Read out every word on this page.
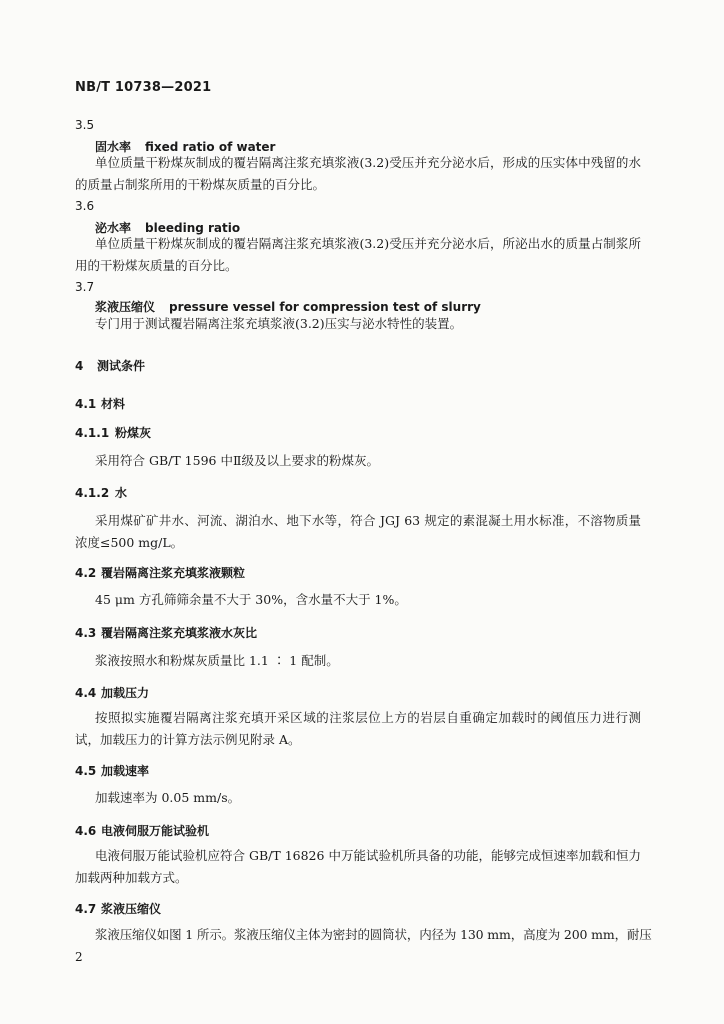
NB/T 10738—2021
3.5
固水率 fixed ratio of water
单位质量干粉煤灰制成的覆岩隔离注浆充填浆液(3.2)受压并充分泌水后，形成的压实体中残留的水的质量占制浆所用的干粉煤灰质量的百分比。
3.6
泌水率 bleeding ratio
单位质量干粉煤灰制成的覆岩隔离注浆充填浆液(3.2)受压并充分泌水后，所泌出水的质量占制浆所用的干粉煤灰质量的百分比。
3.7
浆液压缩仪 pressure vessel for compression test of slurry
专门用于测试覆岩隔离注浆充填浆液(3.2)压实与泌水特性的装置。
4 测试条件
4.1 材料
4.1.1 粉煤灰
采用符合 GB/T 1596 中Ⅱ级及以上要求的粉煤灰。
4.1.2 水
采用煤矿矿井水、河流、湖泊水、地下水等，符合 JGJ 63 规定的素混凝土用水标准，不溶物质量浓度≤500 mg/L。
4.2 覆岩隔离注浆充填浆液颗粒
45 μm 方孔筛筛余量不大于 30%，含水量不大于 1%。
4.3 覆岩隔离注浆充填浆液水灰比
浆液按照水和粉煤灰质量比 1.1 ∶ 1 配制。
4.4 加载压力
按照拟实施覆岩隔离注浆充填开采区域的注浆层位上方的岩层自重确定加载时的阈值压力进行测试，加载压力的计算方法示例见附录 A。
4.5 加载速率
加载速率为 0.05 mm/s。
4.6 电液伺服万能试验机
电液伺服万能试验机应符合 GB/T 16826 中万能试验机所具备的功能，能够完成恒速率加载和恒力加载两种加载方式。
4.7 浆液压缩仪
浆液压缩仪如图 1 所示。浆液压缩仪主体为密封的圆筒状，内径为 130 mm，高度为 200 mm，耐压
2
